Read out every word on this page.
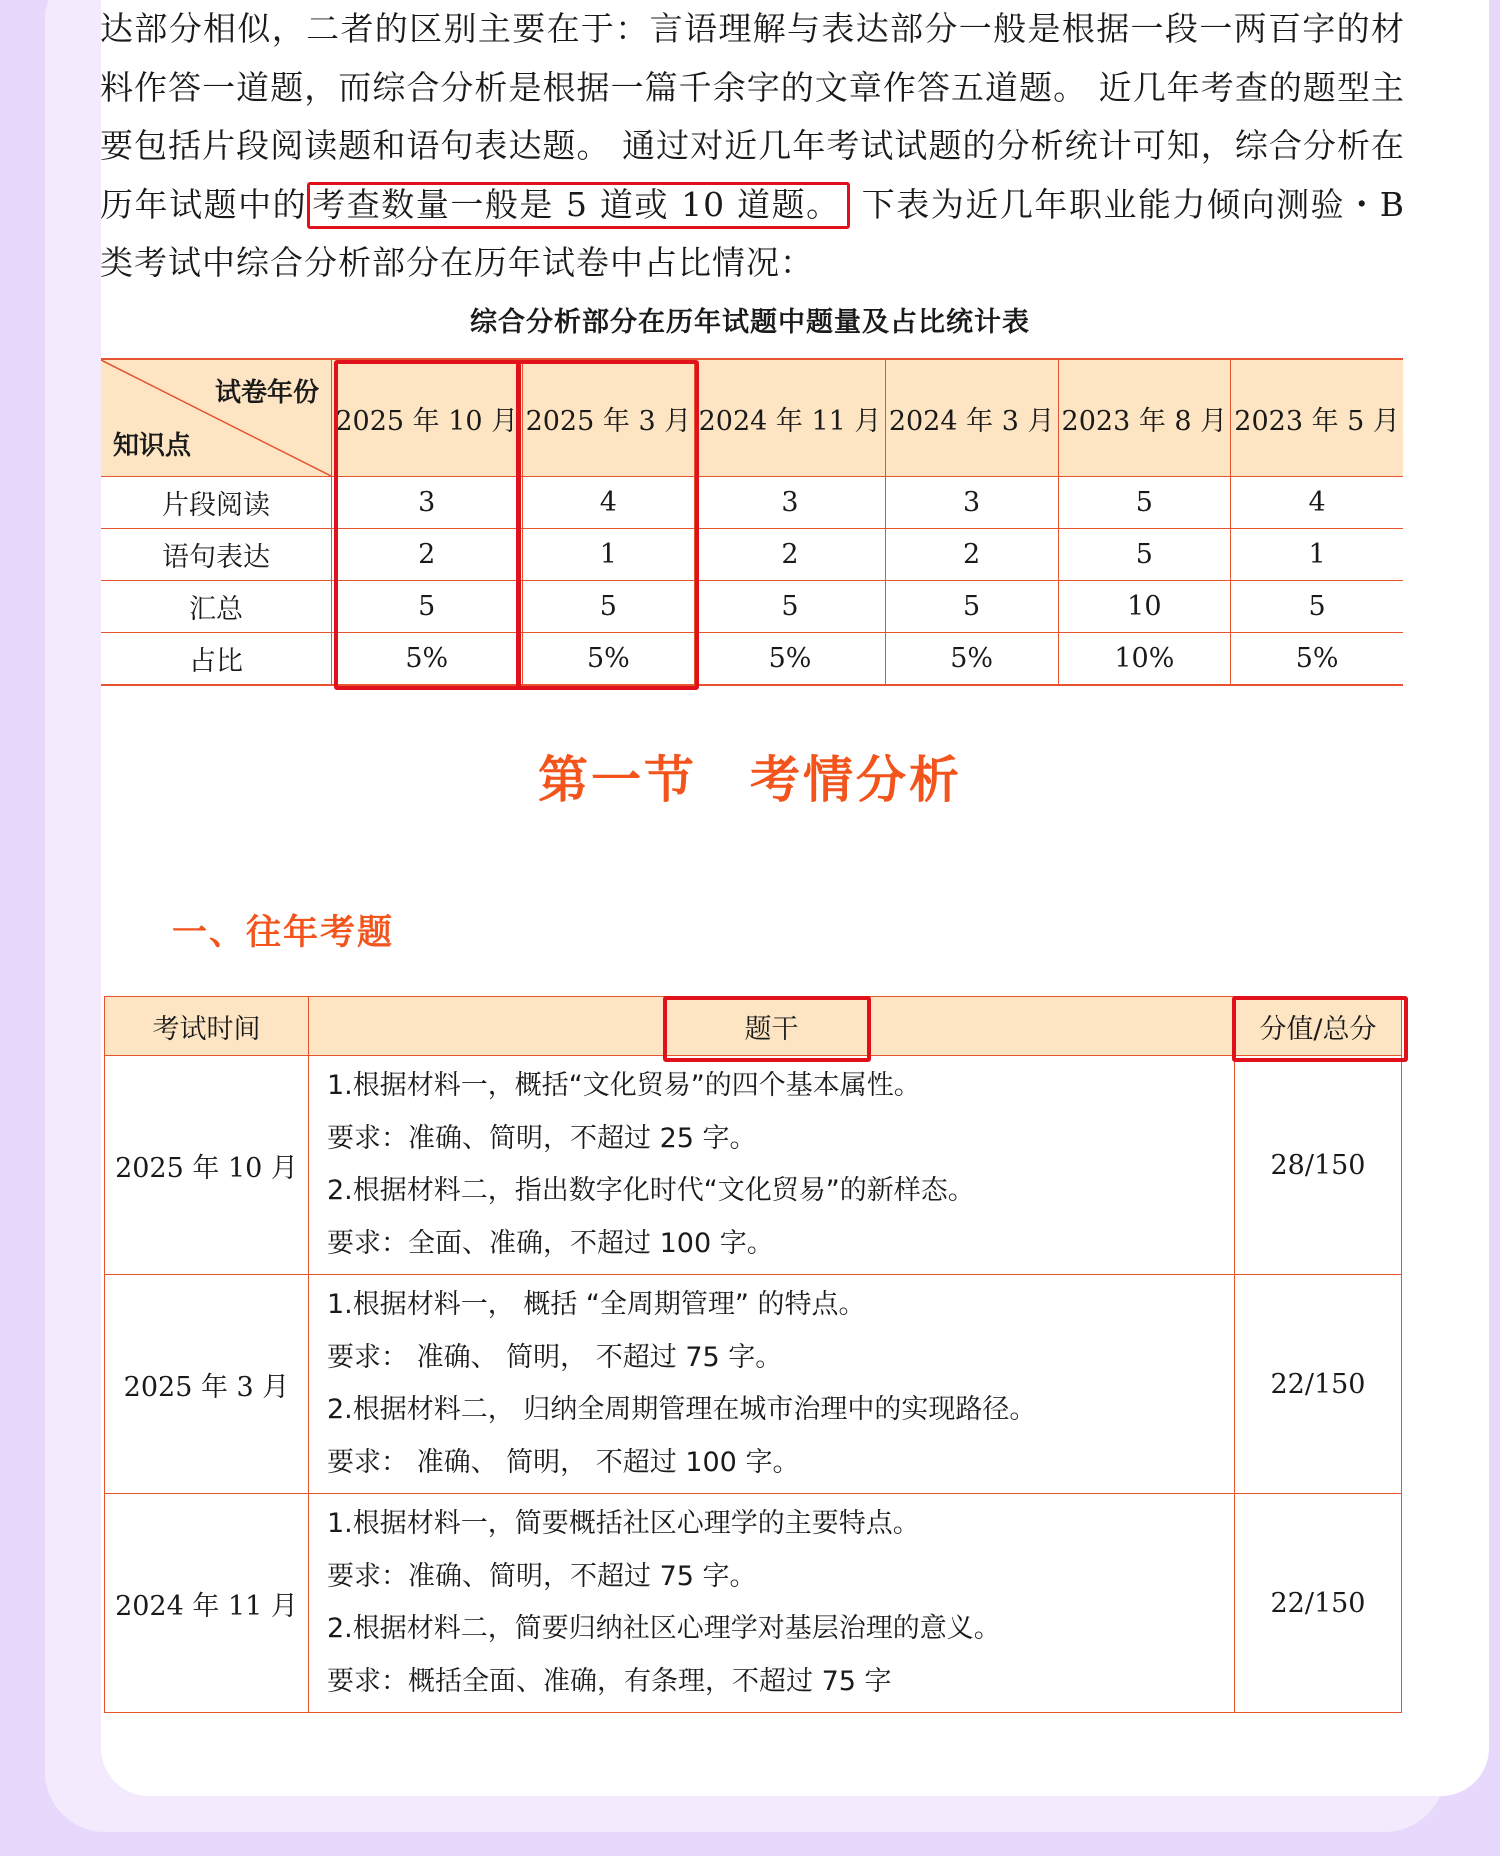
达部分相似，二者的区别主要在于：言语理解与表达部分一般是根据一段一两百字的材料作答一道题，而综合分析是根据一篇千余字的文章作答五道题。 近几年考查的题型主要包括片段阅读题和语句表达题。 通过对近几年考试试题的分析统计可知，综合分析在历年试题中的 考查数量一般是 5 道或 10 道题。 下表为近几年职业能力倾向测验・B 类考试中综合分析部分在历年试卷中占比情况：

综合分析部分在历年试题中题量及占比统计表
试卷年份
知识点	2025 年 10 月	2025 年 3 月	2024 年 11 月	2024 年 3 月	2023 年 8 月	2023 年 5 月
片段阅读	3	4	3	3	5	4
语句表达	2	1	2	2	5	1
汇总	5	5	5	5	10	5
占比	5%	5%	5%	5%	10%	5%
第一节　考情分析
一、往年考题
考试时间	题干	分值/总分
2025 年 10 月	1.根据材料一，概括“文化贸易”的四个基本属性。
要求：准确、简明，不超过 25 字。
2.根据材料二，指出数字化时代“文化贸易”的新样态。
要求：全面、准确，不超过 100 字。	28/150
2025 年 3 月	1.根据材料一， 概括 “全周期管理” 的特点。
要求： 准确、 简明， 不超过 75 字。
2.根据材料二， 归纳全周期管理在城市治理中的实现路径。
要求： 准确、 简明， 不超过 100 字。	22/150
2024 年 11 月	1.根据材料一，简要概括社区心理学的主要特点。
要求：准确、简明，不超过 75 字。
2.根据材料二，简要归纳社区心理学对基层治理的意义。
要求：概括全面、准确，有条理，不超过 75 字	22/150
